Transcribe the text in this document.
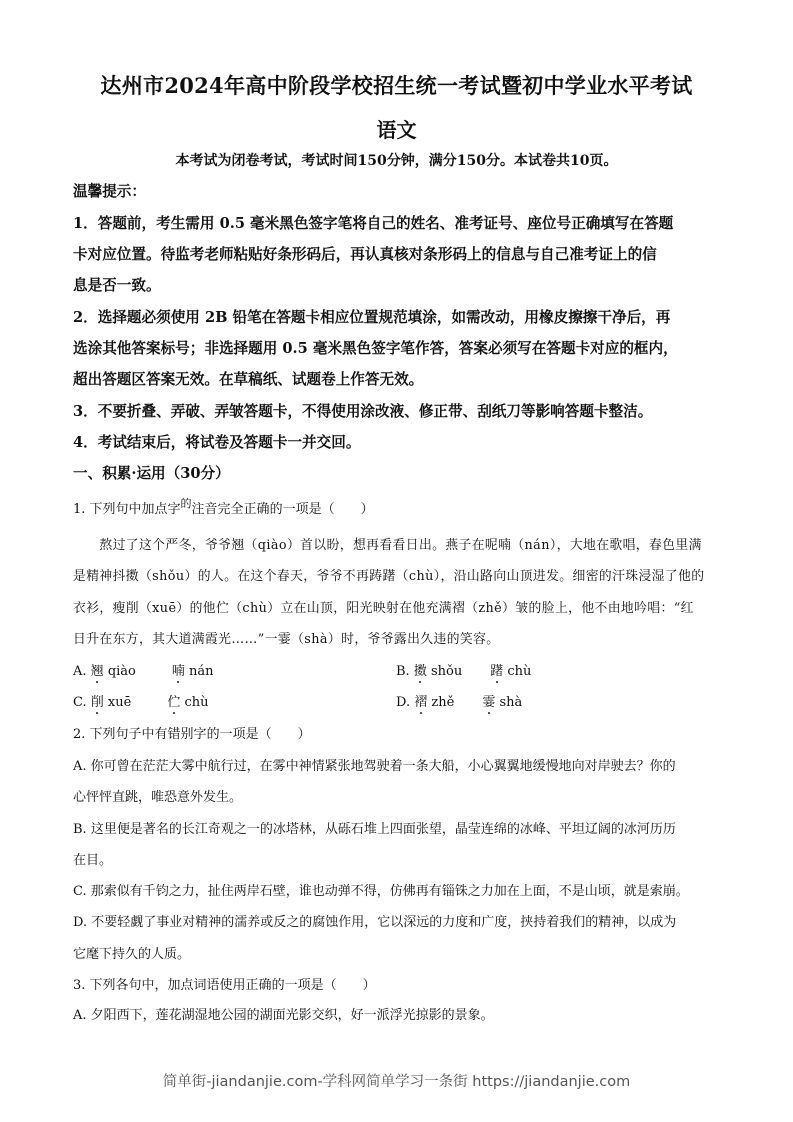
达州市2024年高中阶段学校招生统一考试暨初中学业水平考试
语文
本考试为闭卷考试，考试时间150分钟，满分150分。本试卷共10页。
温馨提示：
1．答题前，考生需用 0.5 毫米黑色签字笔将自己的姓名、准考证号、座位号正确填写在答题
卡对应位置。待监考老师粘贴好条形码后，再认真核对条形码上的信息与自己准考证上的信
息是否一致。
2．选择题必须使用 2B 铅笔在答题卡相应位置规范填涂，如需改动，用橡皮擦擦干净后，再
选涂其他答案标号；非选择题用 0.5 毫米黑色签字笔作答，答案必须写在答题卡对应的框内，
超出答题区答案无效。在草稿纸、试题卷上作答无效。
3．不要折叠、弄破、弄皱答题卡，不得使用涂改液、修正带、刮纸刀等影响答题卡整洁。
4．考试结束后，将试卷及答题卡一并交回。
一、积累·运用（30分）
1. 下列句中加点字$^的$注音完全正确的一项是（　　）
　　熬过了这个严冬，爷爷翘（qiào）首以盼，想再看看日出。燕子在呢喃（nán），大地在歌唱，春色里满
是精神抖擞（shǒu）的人。在这个春天，爷爷不再踌躇（chù），沿山路向山顶进发。细密的汗珠浸湿了他的
衣衫，瘦削（xuē）的他伫（chù）立在山顶，阳光映射在他充满褶（zhě）皱的脸上，他不由地吟唱：“红
日升在东方，其大道满霞光……”一霎（shà）时，爷爷露出久违的笑容。
A. 翘 qiào	喃 nán	B. 擞 shǒu 躇 chù
C. 削 xuē	伫 chù	D. 褶 zhě 霎 shà
2. 下列句子中有错别字的一项是（　　）
A. 你可曾在茫茫大雾中航行过，在雾中神情紧张地驾驶着一条大船，小心翼翼地缓慢地向对岸驶去？你的
心怦怦直跳，唯恐意外发生。
B. 这里便是著名的长江奇观之一的冰塔林，从砾石堆上四面张望，晶莹连绵的冰峰、平坦辽阔的冰河历历
在目。
C. 那索似有千钧之力，扯住两岸石壁，谁也动弹不得，仿佛再有锱铢之力加在上面，不是山顷，就是索崩。
D. 不要轻觑了事业对精神的濡养或反之的腐蚀作用，它以深远的力度和广度，挟持着我们的精神，以成为
它麾下持久的人质。
3. 下列各句中，加点词语使用正确的一项是（　　）
A. 夕阳西下，莲花湖湿地公园的湖面光影交织，好一派浮光掠影的景象。
简单街-jiandanjie.com-学科网简单学习一条街 https://jiandanjie.com
